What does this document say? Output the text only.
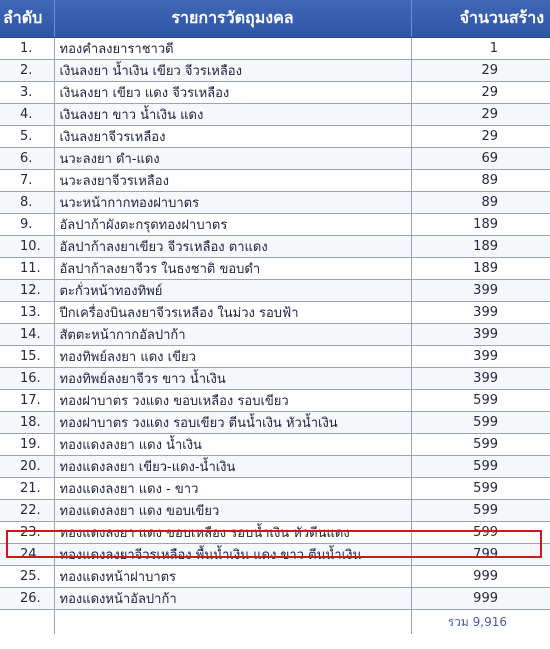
ลำดับ	รายการวัตถุมงคล	จำนวนสร้าง
1.	ทองคำลงยาราชาวดี	1
2.	เงินลงยา น้ำเงิน เขียว จีวรเหลือง	29
3.	เงินลงยา เขียว แดง จีวรเหลือง	29
4.	เงินลงยา ขาว น้ำเงิน แดง	29
5.	เงินลงยาจีวรเหลือง	29
6.	นวะลงยา ดำ-แดง	69
7.	นวะลงยาจีวรเหลือง	89
8.	นวะหน้ากากทองฝาบาตร	89
9.	อัลปาก้าผังตะกรุดทองฝาบาตร	189
10.	อัลปาก้าลงยาเขียว จีวรเหลือง ตาแดง	189
11.	อัลปาก้าลงยาจีวร ในธงชาติ ขอบดำ	189
12.	ตะกั่วหน้าทองทิพย์	399
13.	ปีกเครื่องบินลงยาจีวรเหลือง ในม่วง รอบฟ้า	399
14.	สัตตะหน้ากากอัลปาก้า	399
15.	ทองทิพย์ลงยา แดง เขียว	399
16.	ทองทิพย์ลงยาจีวร ขาว น้ำเงิน	399
17.	ทองฝาบาตร วงแดง ขอบเหลือง รอบเขียว	599
18.	ทองฝาบาตร วงแดง รอบเขียว ตีนน้ำเงิน หัวน้ำเงิน	599
19.	ทองแดงลงยา แดง น้ำเงิน	599
20.	ทองแดงลงยา เขียว-แดง-น้ำเงิน	599
21.	ทองแดงลงยา แดง - ขาว	599
22.	ทองแดงลงยา แดง ขอบเขียว	599
23.	ทองแดงลงยา แดง ขอบเหลือง รอบน้ำเงิน หัวตีนแดง	599
24.	ทองแดงลงยาจีวรเหลือง พื้นน้ำเงิน แดง ขาว ตีนน้ำเงิน	799
25.	ทองแดงหน้าฝาบาตร	999
26.	ทองแดงหน้าอัลปาก้า	999
		รวม 9,916
